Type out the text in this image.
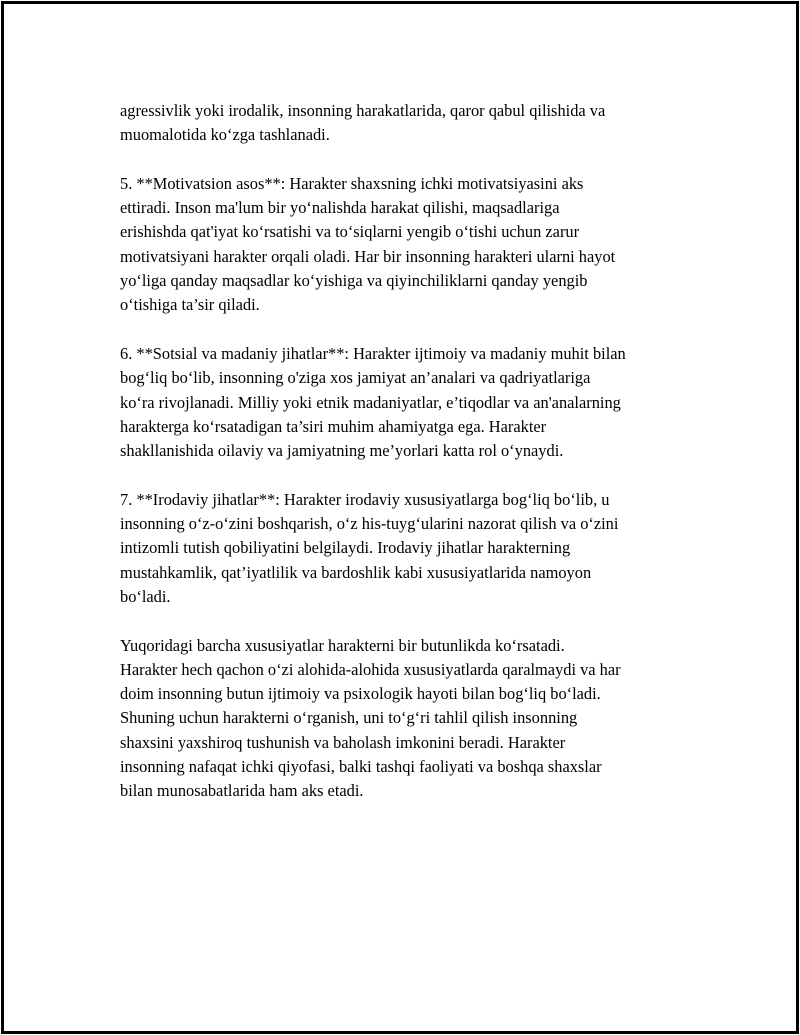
agressivlik yoki irodalik, insonning harakatlarida, qaror qabul qilishida va
muomalotida ko‘zga tashlanadi.

5. **Motivatsion asos**: Harakter shaxsning ichki motivatsiyasini aks
ettiradi. Inson ma'lum bir yo‘nalishda harakat qilishi, maqsadlariga
erishishda qat'iyat ko‘rsatishi va to‘siqlarni yengib o‘tishi uchun zarur
motivatsiyani harakter orqali oladi. Har bir insonning harakteri ularni hayot
yo‘liga qanday maqsadlar ko‘yishiga va qiyinchiliklarni qanday yengib
o‘tishiga ta’sir qiladi.

6. **Sotsial va madaniy jihatlar**: Harakter ijtimoiy va madaniy muhit bilan
bog‘liq bo‘lib, insonning o'ziga xos jamiyat an’analari va qadriyatlariga
ko‘ra rivojlanadi. Milliy yoki etnik madaniyatlar, e’tiqodlar va an'analarning
harakterga ko‘rsatadigan ta’siri muhim ahamiyatga ega. Harakter
shakllanishida oilaviy va jamiyatning me’yorlari katta rol o‘ynaydi.

7. **Irodaviy jihatlar**: Harakter irodaviy xususiyatlarga bog‘liq bo‘lib, u
insonning o‘z-o‘zini boshqarish, o‘z his-tuyg‘ularini nazorat qilish va o‘zini
intizomli tutish qobiliyatini belgilaydi. Irodaviy jihatlar harakterning
mustahkamlik, qat’iyatlilik va bardoshlik kabi xususiyatlarida namoyon
bo‘ladi.

Yuqoridagi barcha xususiyatlar harakterni bir butunlikda ko‘rsatadi.
Harakter hech qachon o‘zi alohida-alohida xususiyatlarda qaralmaydi va har
doim insonning butun ijtimoiy va psixologik hayoti bilan bog‘liq bo‘ladi.
Shuning uchun harakterni o‘rganish, uni to‘g‘ri tahlil qilish insonning
shaxsini yaxshiroq tushunish va baholash imkonini beradi. Harakter
insonning nafaqat ichki qiyofasi, balki tashqi faoliyati va boshqa shaxslar
bilan munosabatlarida ham aks etadi.
